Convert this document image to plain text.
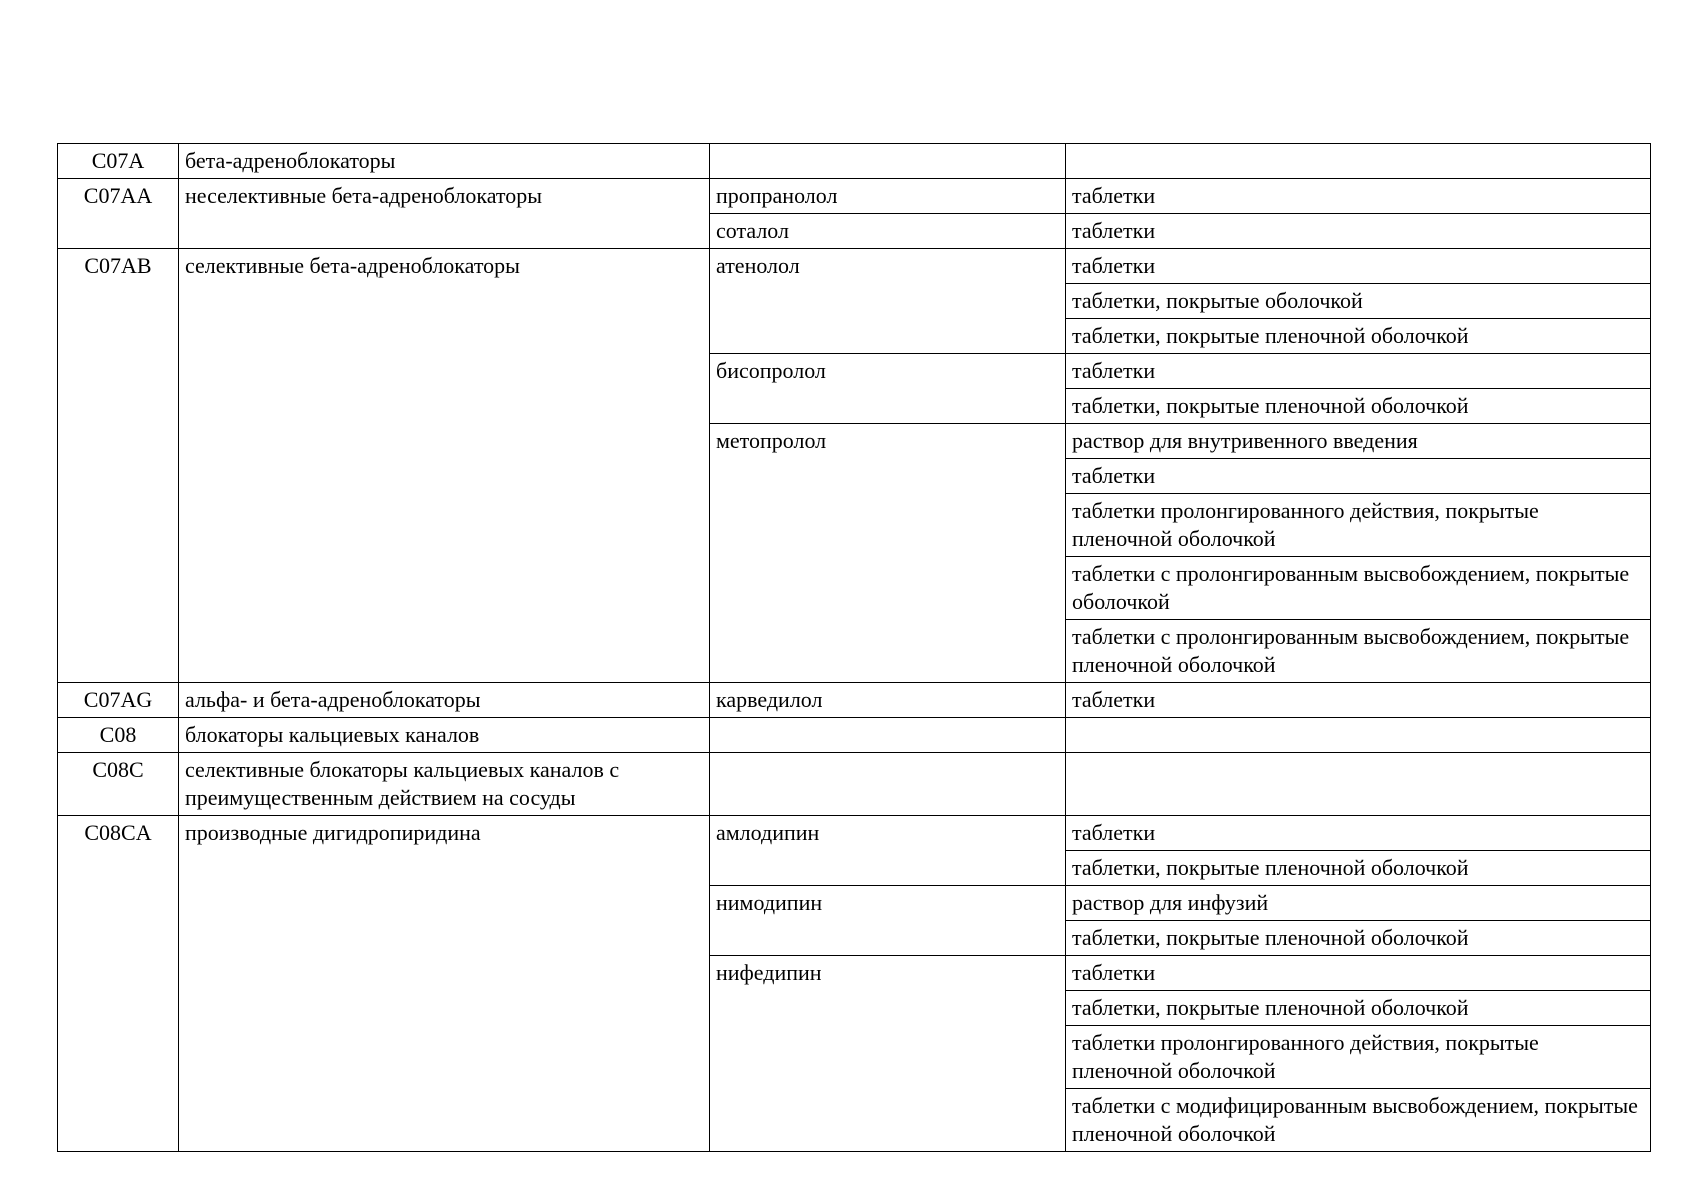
C07A	бета-адреноблокаторы		
C07AA	неселективные бета-адреноблокаторы	пропранолол	таблетки
		соталол	таблетки
C07AB	селективные бета-адреноблокаторы	атенолол	таблетки
			таблетки, покрытые оболочкой
			таблетки, покрытые пленочной оболочкой
		бисопролол	таблетки
			таблетки, покрытые пленочной оболочкой
		метопролол	раствор для внутривенного введения
			таблетки
			таблетки пролонгированного действия, покрытые пленочной оболочкой
			таблетки с пролонгированным высвобождением, покрытые оболочкой
			таблетки с пролонгированным высвобождением, покрытые пленочной оболочкой
C07AG	альфа- и бета-адреноблокаторы	карведилол	таблетки
C08	блокаторы кальциевых каналов		
C08C	селективные блокаторы кальциевых каналов с преимущественным действием на сосуды		
C08CA	производные дигидропиридина	амлодипин	таблетки
			таблетки, покрытые пленочной оболочкой
		нимодипин	раствор для инфузий
			таблетки, покрытые пленочной оболочкой
		нифедипин	таблетки
			таблетки, покрытые пленочной оболочкой
			таблетки пролонгированного действия, покрытые пленочной оболочкой
			таблетки с модифицированным высвобождением, покрытые пленочной оболочкой
